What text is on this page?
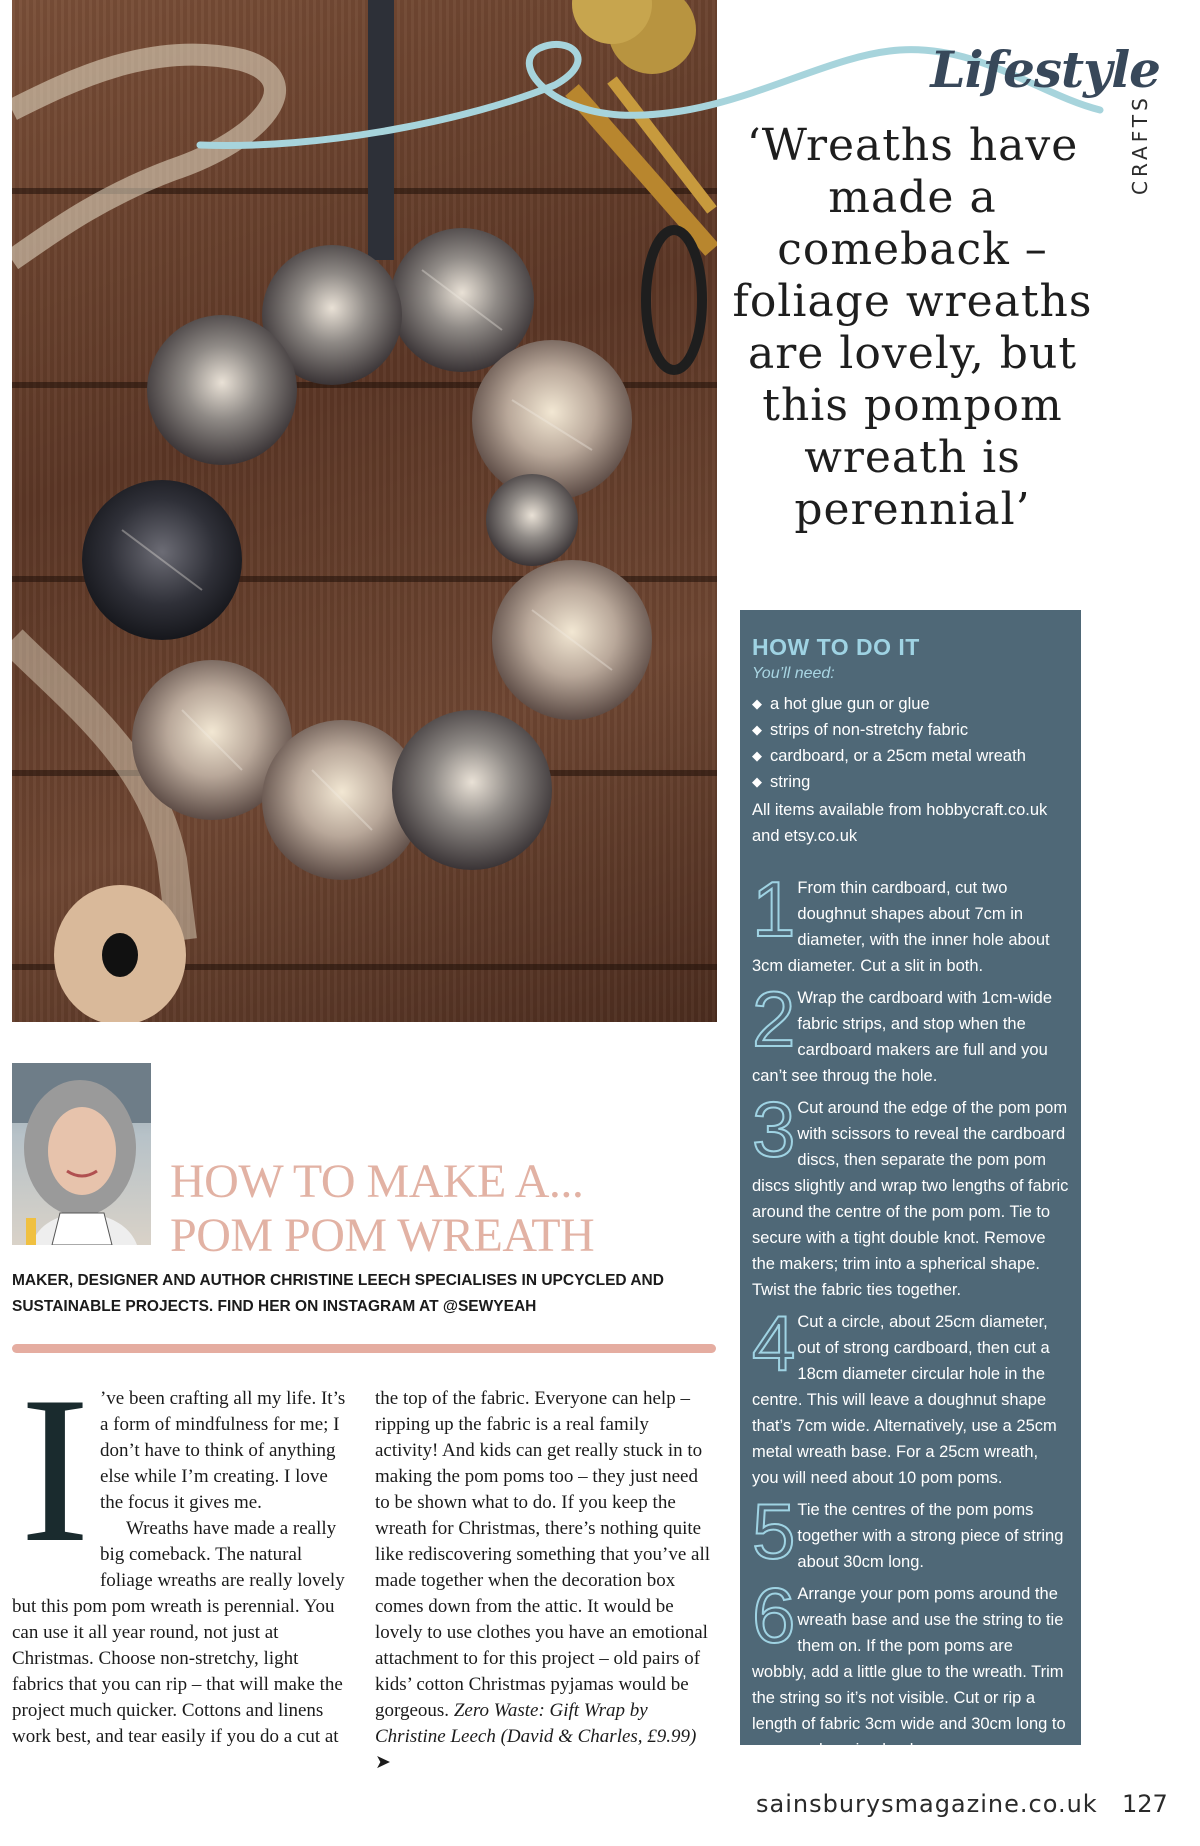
Lifestyle
CRAFTS
‘Wreaths have made a comeback – foliage wreaths are lovely, but this pompom wreath is perennial’
HOW TO DO IT
You’ll need:
◆ a hot glue gun or glue
◆ strips of non-stretchy fabric
◆ cardboard, or a 25cm metal wreath
◆ string
All items available from hobbycraft.co.uk and etsy.co.uk
1 From thin cardboard, cut two doughnut shapes about 7cm in diameter, with the inner hole about 3cm diameter. Cut a slit in both.
2 Wrap the cardboard with 1cm-wide fabric strips, and stop when the cardboard makers are full and you can’t see throug the hole.
3 Cut around the edge of the pom pom with scissors to reveal the cardboard discs, then separate the pom pom discs slightly and wrap two lengths of fabric around the centre of the pom pom. Tie to secure with a tight double knot. Remove the makers; trim into a spherical shape. Twist the fabric ties together.
4 Cut a circle, about 25cm diameter, out of strong cardboard, then cut a 18cm diameter circular hole in the centre. This will leave a doughnut shape that’s 7cm wide. Alternatively, use a 25cm metal wreath base. For a 25cm wreath, you will need about 10 pom poms.
5 Tie the centres of the pom poms together with a strong piece of string about 30cm long.
6 Arrange your pom poms around the wreath base and use the string to tie them on. If the pom poms are wobbly, add a little glue to the wreath. Trim the string so it’s not visible. Cut or rip a length of fabric 3cm wide and 30cm long to use as a hanging hook.
HOW TO MAKE A...
POM POM WREATH
MAKER, DESIGNER AND AUTHOR CHRISTINE LEECH SPECIALISES IN UPCYCLED AND SUSTAINABLE PROJECTS. FIND HER ON INSTAGRAM AT @SEWYEAH
I ’ve been crafting all my life. It’s a form of mindfulness for me; I don’t have to think of anything else while I’m creating. I love the focus it gives me.

Wreaths have made a really big comeback. The natural foliage wreaths are really lovely but this pom pom wreath is perennial. You can use it all year round, not just at Christmas. Choose non-stretchy, light fabrics that you can rip – that will make the project much quicker. Cottons and linens work best, and tear easily if you do a cut at

the top of the fabric. Everyone can help – ripping up the fabric is a real family activity! And kids can get really stuck in to making the pom poms too – they just need to be shown what to do. If you keep the wreath for Christmas, there’s nothing quite like rediscovering something that you’ve all made together when the decoration box comes down from the attic. It would be lovely to use clothes you have an emotional attachment to for this project – old pairs of kids’ cotton Christmas pyjamas would be gorgeous. Zero Waste: Gift Wrap by Christine Leech (David & Charles, £9.99) ➤

sainsburysmagazine.co.uk 127
